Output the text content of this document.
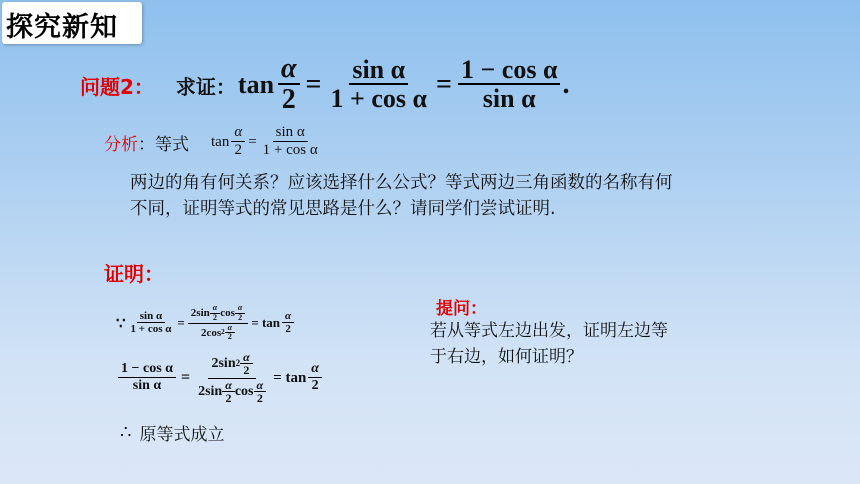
探究新知
问题2： 求证： $\tan \frac{\alpha}{2} = \frac{\text{sin α}}{\text{1 + cos α}} = \frac{\text{1 − cos α}}{\text{sin α}}$ .
分析 ： 等式 $\tan \frac{\alpha}{2} = \frac{\text{sin α}}{\text{1 + cos α}}$
两边的角有何关系？应该选择什么公式？等式两边三角函数的名称有何不同，证明等式的常见思路是什么？请同学们尝试证明.
证明：
∵ $\frac{\text{sin α}}{\text{1 + cos α}} = \frac{2\sin \frac{\alpha}{2} \cos \frac{\alpha}{2}}{2\cos 2 \frac{\alpha}{2}} = \tan \frac{\alpha}{2}$
$\frac{\text{1 − cos α}}{\text{sin α}} = \frac{2\sin 2 \frac{\alpha}{2}}{2\sin \frac{\alpha}{2} \cos \frac{\alpha}{2}} = \tan \frac{\alpha}{2}$
∴ 原等式成立
提问：
若从等式左边出发，证明左边等于右边，如何证明？
